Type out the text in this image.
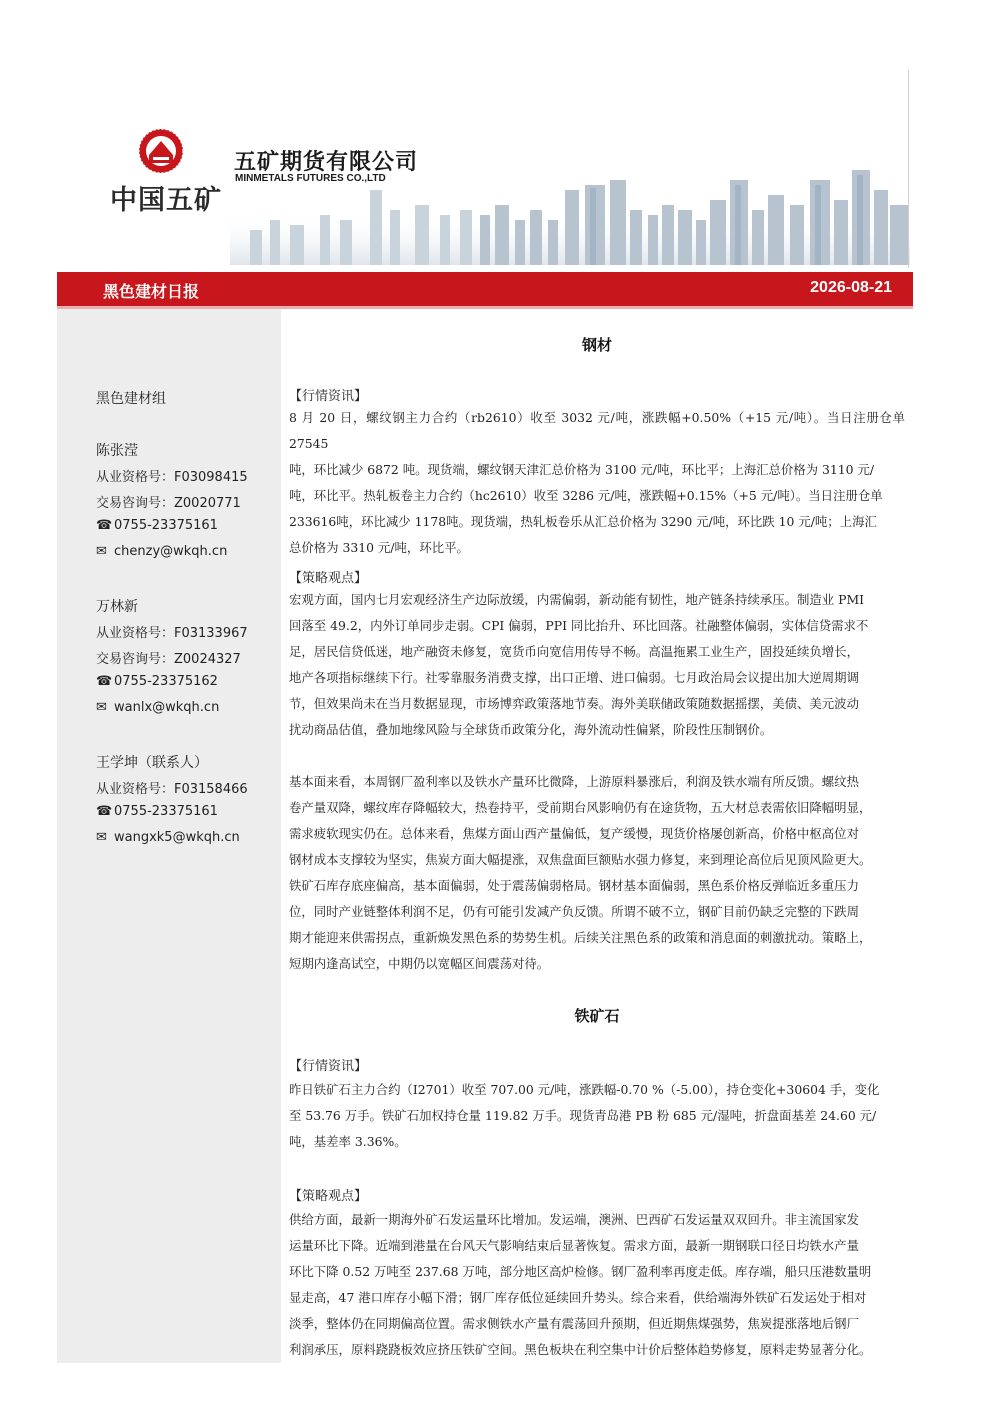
中国五矿
五矿期货有限公司
MINMETALS FUTURES CO.,LTD
黑色建材日报	2026-08-21
黑色建材组
陈张滢
从业资格号：F03098415
交易咨询号：Z0020771
☎ 0755-23375161
✉ chenzy@wkqh.cn
万林新
从业资格号：F03133967
交易咨询号：Z0024327
☎ 0755-23375162
✉ wanlx@wkqh.cn
王学坤（联系人）
从业资格号：F03158466
☎ 0755-23375161
✉ wangxk5@wkqh.cn
钢材
【行情资讯】
8 月 20 日，螺纹钢主力合约（rb2610）收至 3032 元/吨，涨跌幅+0.50%（+15 元/吨）。当日注册仓单 27545
吨，环比减少 6872 吨。现货端，螺纹钢天津汇总价格为 3100 元/吨，环比平；上海汇总价格为 3110 元/
吨，环比平。热轧板卷主力合约（hc2610）收至 3286 元/吨，涨跌幅+0.15%（+5 元/吨）。当日注册仓单
233616吨，环比减少 1178吨。现货端，热轧板卷乐从汇总价格为 3290 元/吨，环比跌 10 元/吨；上海汇
总价格为 3310 元/吨，环比平。
【策略观点】
宏观方面，国内七月宏观经济生产边际放缓，内需偏弱，新动能有韧性，地产链条持续承压。制造业 PMI
回落至 49.2，内外订单同步走弱。CPI 偏弱，PPI 同比抬升、环比回落。社融整体偏弱，实体信贷需求不
足，居民信贷低迷，地产融资未修复，宽货币向宽信用传导不畅。高温拖累工业生产，固投延续负增长，
地产各项指标继续下行。社零靠服务消费支撑，出口正增、进口偏弱。七月政治局会议提出加大逆周期调
节，但效果尚未在当月数据显现，市场博弈政策落地节奏。海外美联储政策随数据摇摆，美债、美元波动
扰动商品估值，叠加地缘风险与全球货币政策分化，海外流动性偏紧，阶段性压制钢价。
基本面来看，本周钢厂盈利率以及铁水产量环比微降，上游原料暴涨后，利润及铁水端有所反馈。螺纹热
卷产量双降，螺纹库存降幅较大，热卷持平，受前期台风影响仍有在途货物，五大材总表需依旧降幅明显，
需求疲软现实仍在。总体来看，焦煤方面山西产量偏低，复产缓慢，现货价格屡创新高，价格中枢高位对
钢材成本支撑较为坚实，焦炭方面大幅提涨，双焦盘面巨额贴水强力修复，来到理论高位后见顶风险更大。
铁矿石库存底座偏高，基本面偏弱，处于震荡偏弱格局。钢材基本面偏弱，黑色系价格反弹临近多重压力
位，同时产业链整体利润不足，仍有可能引发减产负反馈。所谓不破不立，钢矿目前仍缺乏完整的下跌周
期才能迎来供需拐点，重新焕发黑色系的势势生机。后续关注黑色系的政策和消息面的刺激扰动。策略上，
短期内逢高试空，中期仍以宽幅区间震荡对待。
铁矿石
【行情资讯】
昨日铁矿石主力合约（I2701）收至 707.00 元/吨，涨跌幅-0.70 %（-5.00），持仓变化+30604 手，变化
至 53.76 万手。铁矿石加权持仓量 119.82 万手。现货青岛港 PB 粉 685 元/湿吨，折盘面基差 24.60 元/
吨，基差率 3.36%。
【策略观点】
供给方面，最新一期海外矿石发运量环比增加。发运端，澳洲、巴西矿石发运量双双回升。非主流国家发
运量环比下降。近端到港量在台风天气影响结束后显著恢复。需求方面，最新一期钢联口径日均铁水产量
环比下降 0.52 万吨至 237.68 万吨，部分地区高炉检修。钢厂盈利率再度走低。库存端，船只压港数量明
显走高，47 港口库存小幅下滑；钢厂库存低位延续回升势头。综合来看，供给端海外铁矿石发运处于相对
淡季，整体仍在同期偏高位置。需求侧铁水产量有震荡回升预期，但近期焦煤强势，焦炭提涨落地后钢厂
利润承压，原料跷跷板效应挤压铁矿空间。黑色板块在利空集中计价后整体趋势修复，原料走势显著分化。
